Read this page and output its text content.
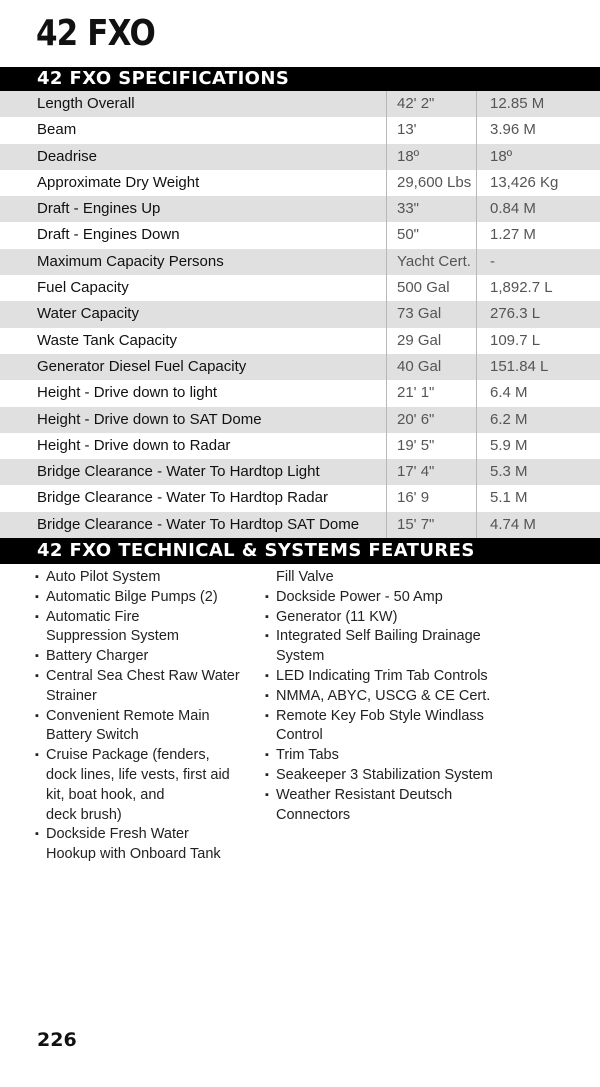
42 FXO
42 FXO SPECIFICATIONS
Length Overall	42' 2"	12.85 M
Beam	13'	3.96 M
Deadrise	18º	18º
Approximate Dry Weight	29,600 Lbs	13,426 Kg
Draft - Engines Up	33"	0.84 M
Draft - Engines Down	50"	1.27 M
Maximum Capacity Persons	Yacht Cert.	-
Fuel Capacity	500 Gal	1,892.7 L
Water Capacity	73 Gal	276.3 L
Waste Tank Capacity	29 Gal	109.7 L
Generator Diesel Fuel Capacity	40 Gal	151.84 L
Height - Drive down to light	21' 1"	6.4 M
Height - Drive down to SAT Dome	20' 6"	6.2 M
Height - Drive down to Radar	19' 5"	5.9 M
Bridge Clearance - Water To Hardtop Light	17' 4"	5.3 M
Bridge Clearance - Water To Hardtop Radar	16' 9	5.1 M
Bridge Clearance - Water To Hardtop SAT Dome	15' 7"	4.74 M
42 FXO TECHNICAL & SYSTEMS FEATURES
▪ Auto Pilot System
▪ Automatic Bilge Pumps (2)
▪ Automatic Fire
Suppression System
▪ Battery Charger
▪ Central Sea Chest Raw Water
Strainer
▪ Convenient Remote Main
Battery Switch
▪ Cruise Package (fenders,
dock lines, life vests, first aid
kit, boat hook, and
deck brush)
▪ Dockside Fresh Water
Hookup with Onboard Tank
Fill Valve
▪ Dockside Power - 50 Amp
▪ Generator (11 KW)
▪ Integrated Self Bailing Drainage
System
▪ LED Indicating Trim Tab Controls
▪ NMMA, ABYC, USCG & CE Cert.
▪ Remote Key Fob Style Windlass
Control
▪ Trim Tabs
▪ Seakeeper 3 Stabilization System
▪ Weather Resistant Deutsch
Connectors
226
